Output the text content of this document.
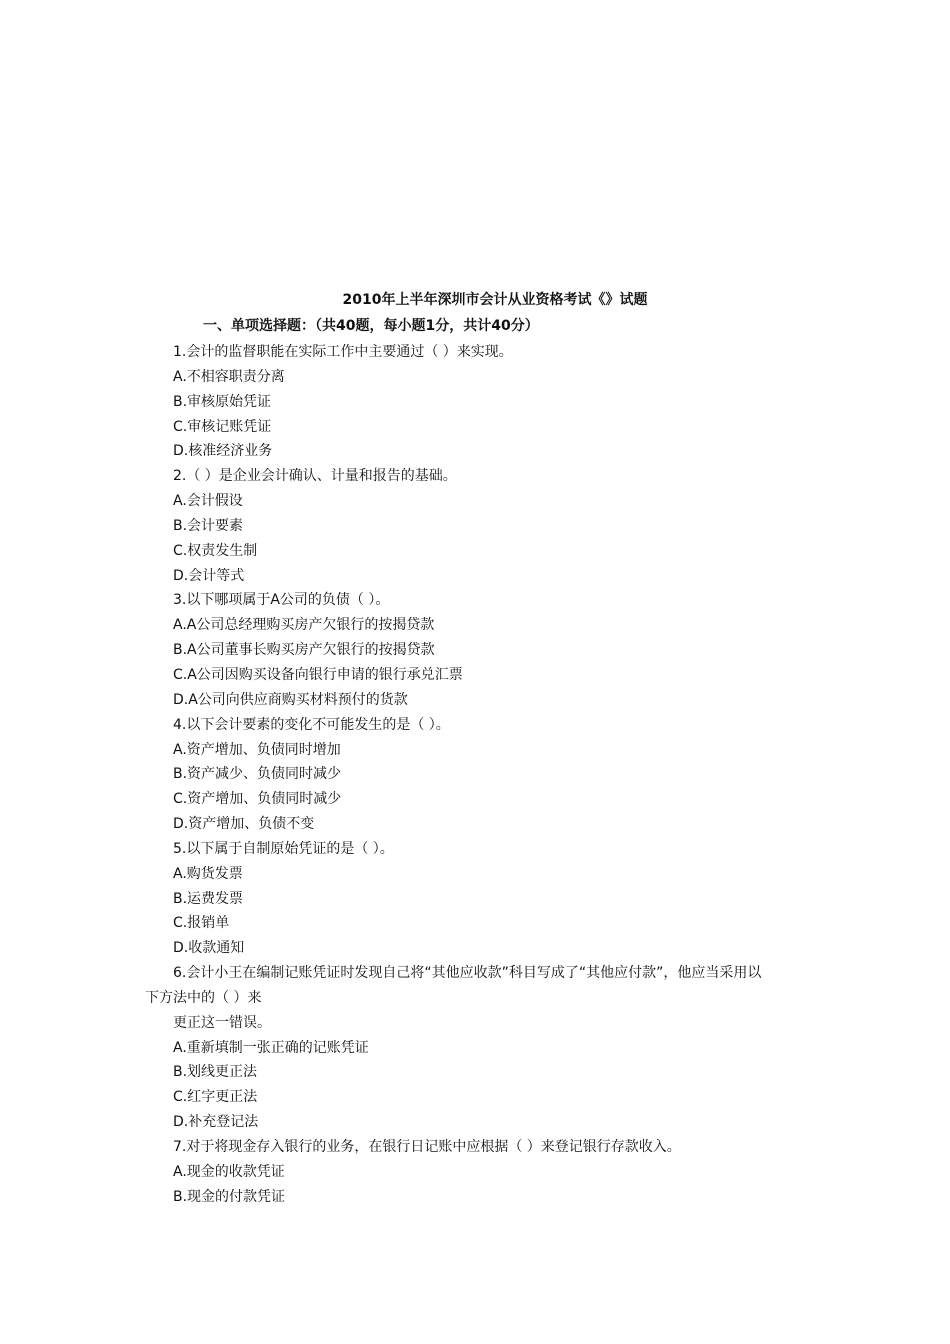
2010年上半年深圳市会计从业资格考试《》试题
一、单项选择题：（共40题，每小题1分，共计40分）
1.会计的监督职能在实际工作中主要通过（ ）来实现。
A.不相容职责分离
B.审核原始凭证
C.审核记账凭证
D.核准经济业务
2.（ ）是企业会计确认、计量和报告的基础。
A.会计假设
B.会计要素
C.权责发生制
D.会计等式
3.以下哪项属于A公司的负债（ ）。
A.A公司总经理购买房产欠银行的按揭贷款
B.A公司董事长购买房产欠银行的按揭贷款
C.A公司因购买设备向银行申请的银行承兑汇票
D.A公司向供应商购买材料预付的货款
4.以下会计要素的变化不可能发生的是（ ）。
A.资产增加、负债同时增加
B.资产减少、负债同时减少
C.资产增加、负债同时减少
D.资产增加、负债不变
5.以下属于自制原始凭证的是（ ）。
A.购货发票
B.运费发票
C.报销单
D.收款通知
6.会计小王在编制记账凭证时发现自己将“其他应收款”科目写成了“其他应付款”，他应当采用以
下方法中的（ ）来
更正这一错误。
A.重新填制一张正确的记账凭证
B.划线更正法
C.红字更正法
D.补充登记法
7.对于将现金存入银行的业务，在银行日记账中应根据（ ）来登记银行存款收入。
A.现金的收款凭证
B.现金的付款凭证
